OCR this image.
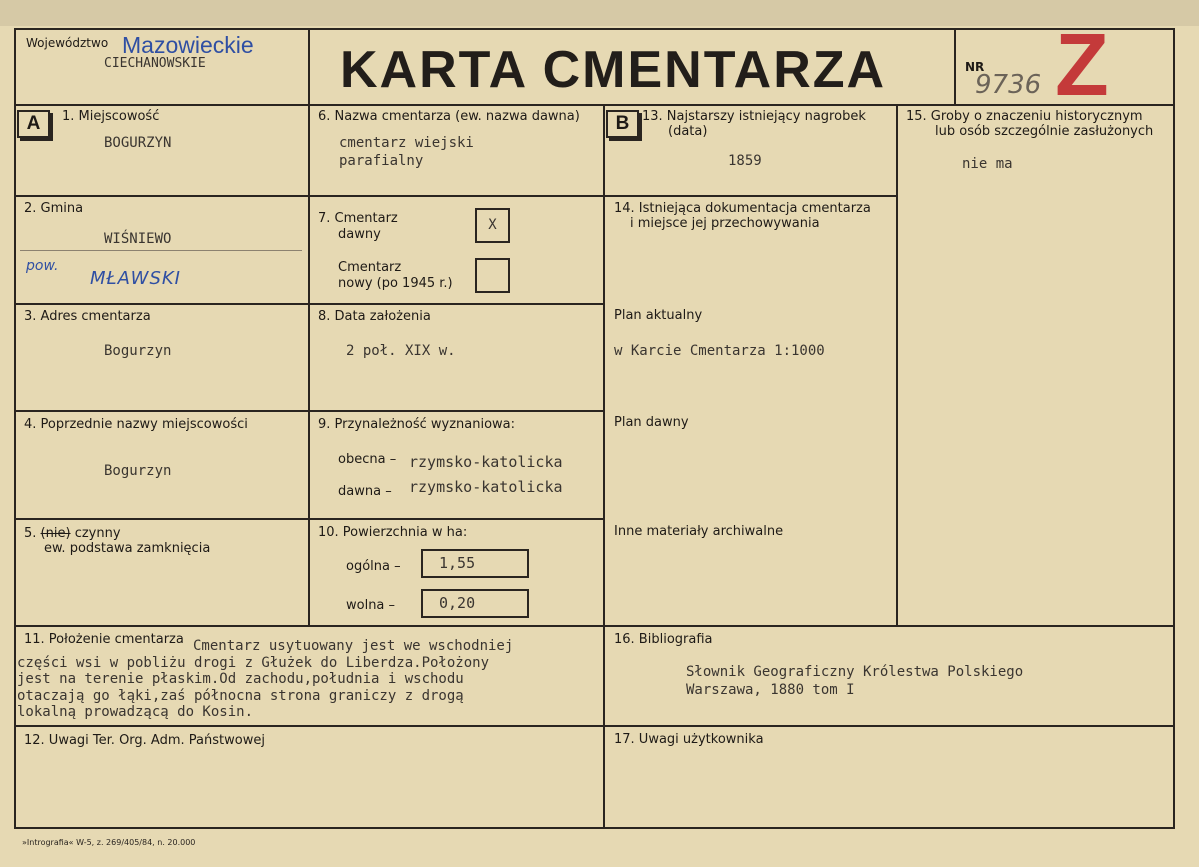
Województwo Mazowieckie
CIECHANOWSKIE	KARTA CMENTARZA	NR
9736 Z
A	B
1. Miejscowość
BOGURZYN
2. Gmina
WIŚNIEWO
pow.
MŁAWSKI
3. Adres cmentarza
Bogurzyn
4. Poprzednie nazwy miejscowości
Bogurzyn
5. (nie) czynny
ew. podstawa zamknięcia
6. Nazwa cmentarza (ew. nazwa dawna)
cmentarz wiejski
parafialny
7. Cmentarz
dawny
X
Cmentarz
nowy (po 1945 r.)
8. Data założenia
2 poł. XIX w.
9. Przynależność wyznaniowa:
obecna – rzymsko-katolicka
dawna – rzymsko-katolicka
10. Powierzchnia w ha:
ogólna –	1,55
wolna –	0,20
11. Położenie cmentarza Cmentarz usytuowany jest we wschodniej
części wsi w pobliżu drogi z Głużek do Liberdza.Położony
jest na terenie płaskim.Od zachodu,południa i wschodu
otaczają go łąki,zaś północna strona graniczy z drogą
lokalną prowadzącą do Kosin.
12. Uwagi Ter. Org. Adm. Państwowej
13. Najstarszy istniejący nagrobek
(data)
1859
14. Istniejąca dokumentacja cmentarza
i miejsce jej przechowywania
Plan aktualny
w Karcie Cmentarza 1:1000
Plan dawny
Inne materiały archiwalne
16. Bibliografia
Słownik Geograficzny Królestwa Polskiego
Warszawa, 1880 tom I
17. Uwagi użytkownika
15. Groby o znaczeniu historycznym
lub osób szczególnie zasłużonych
nie ma
»Intrografia« W-5, z. 269/405/84, n. 20.000
